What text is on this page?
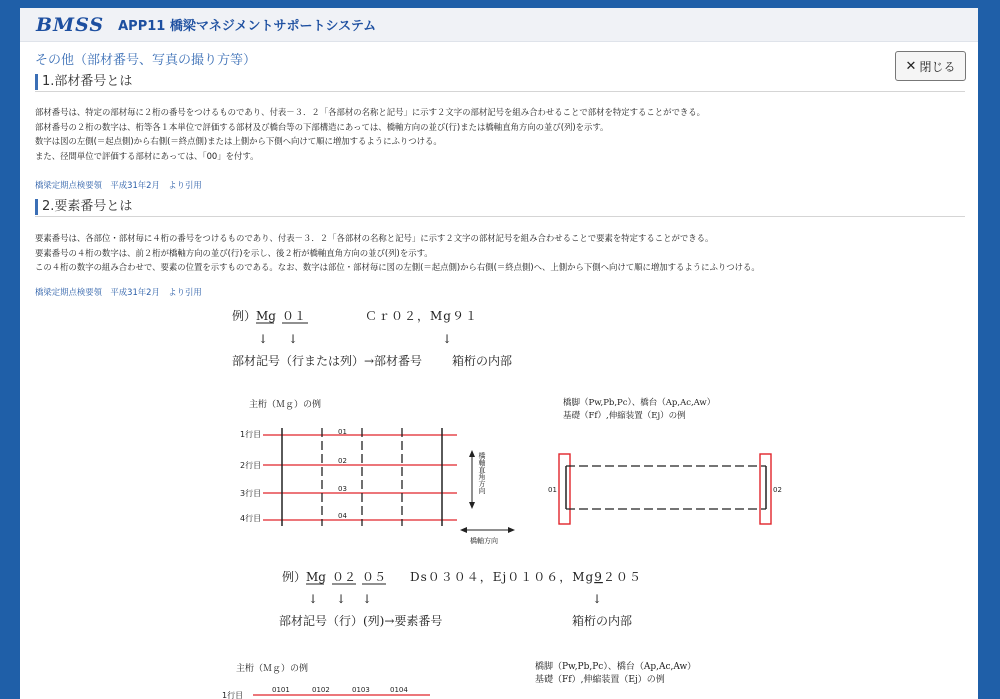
BMSS APP11 橋梁マネジメントサポートシステム
その他（部材番号、写真の撮り方等）	✕ 閉じる
1.部材番号とは
部材番号は、特定の部材毎に２桁の番号をつけるものであり、付表－３．２「各部材の名称と記号」に示す２文字の部材記号を組み合わせることで部材を特定することができる。
部材番号の２桁の数字は、桁等各１本単位で評価する部材及び橋台等の下部構造にあっては、橋軸方向の並び(行)または橋軸直角方向の並び(列)を示す。
数字は図の左側(＝起点側)から右側(＝終点側)または上側から下側へ向けて順に増加するようにふりつける。
また、径間単位で評価する部材にあっては、「00」を付す。
橋梁定期点検要領　平成31年2月　より引用
2.要素番号とは
要素番号は、各部位・部材毎に４桁の番号をつけるものであり、付表－３．２「各部材の名称と記号」に示す２文字の部材記号を組み合わせることで要素を特定することができる。
要素番号の４桁の数字は、前２桁が橋軸方向の並び(行)を示し、後２桁が橋軸直角方向の並び(列)を示す。
この４桁の数字の組み合わせで、要素の位置を示すものである。なお、数字は部位・部材毎に図の左側(＝起点側)から右側(＝終点側)へ、上側から下側へ向けて順に増加するようにふりつける。
橋梁定期点検要領　平成31年2月　より引用
例） Mg ０１	Ｃｒ０２，Mg９１
↓ ↓	↓
部材記号（行または列）→部材番号 箱桁の内部
主桁（Ｍｇ）の例
1行目
2行目
3行目
4行目
01
02
03
04
橋軸直角方向
橋軸方向
橋脚（Pw,Pb,Pc）、橋台（Ap,Ac,Aw）
基礎（Ff）,伸縮装置（Ej）の例
01	02
例） Mg ０２ ０５ Ds０３０４，Ej０１０６，Mg9２０５
↓ ↓ ↓	↓
部材記号（行）(列)→要素番号	箱桁の内部
主桁（Ｍｇ）の例
1行目
0101	0102	0103	0104
橋脚（Pw,Pb,Pc）、橋台（Ap,Ac,Aw）
基礎（Ff）,伸縮装置（Ej）の例
